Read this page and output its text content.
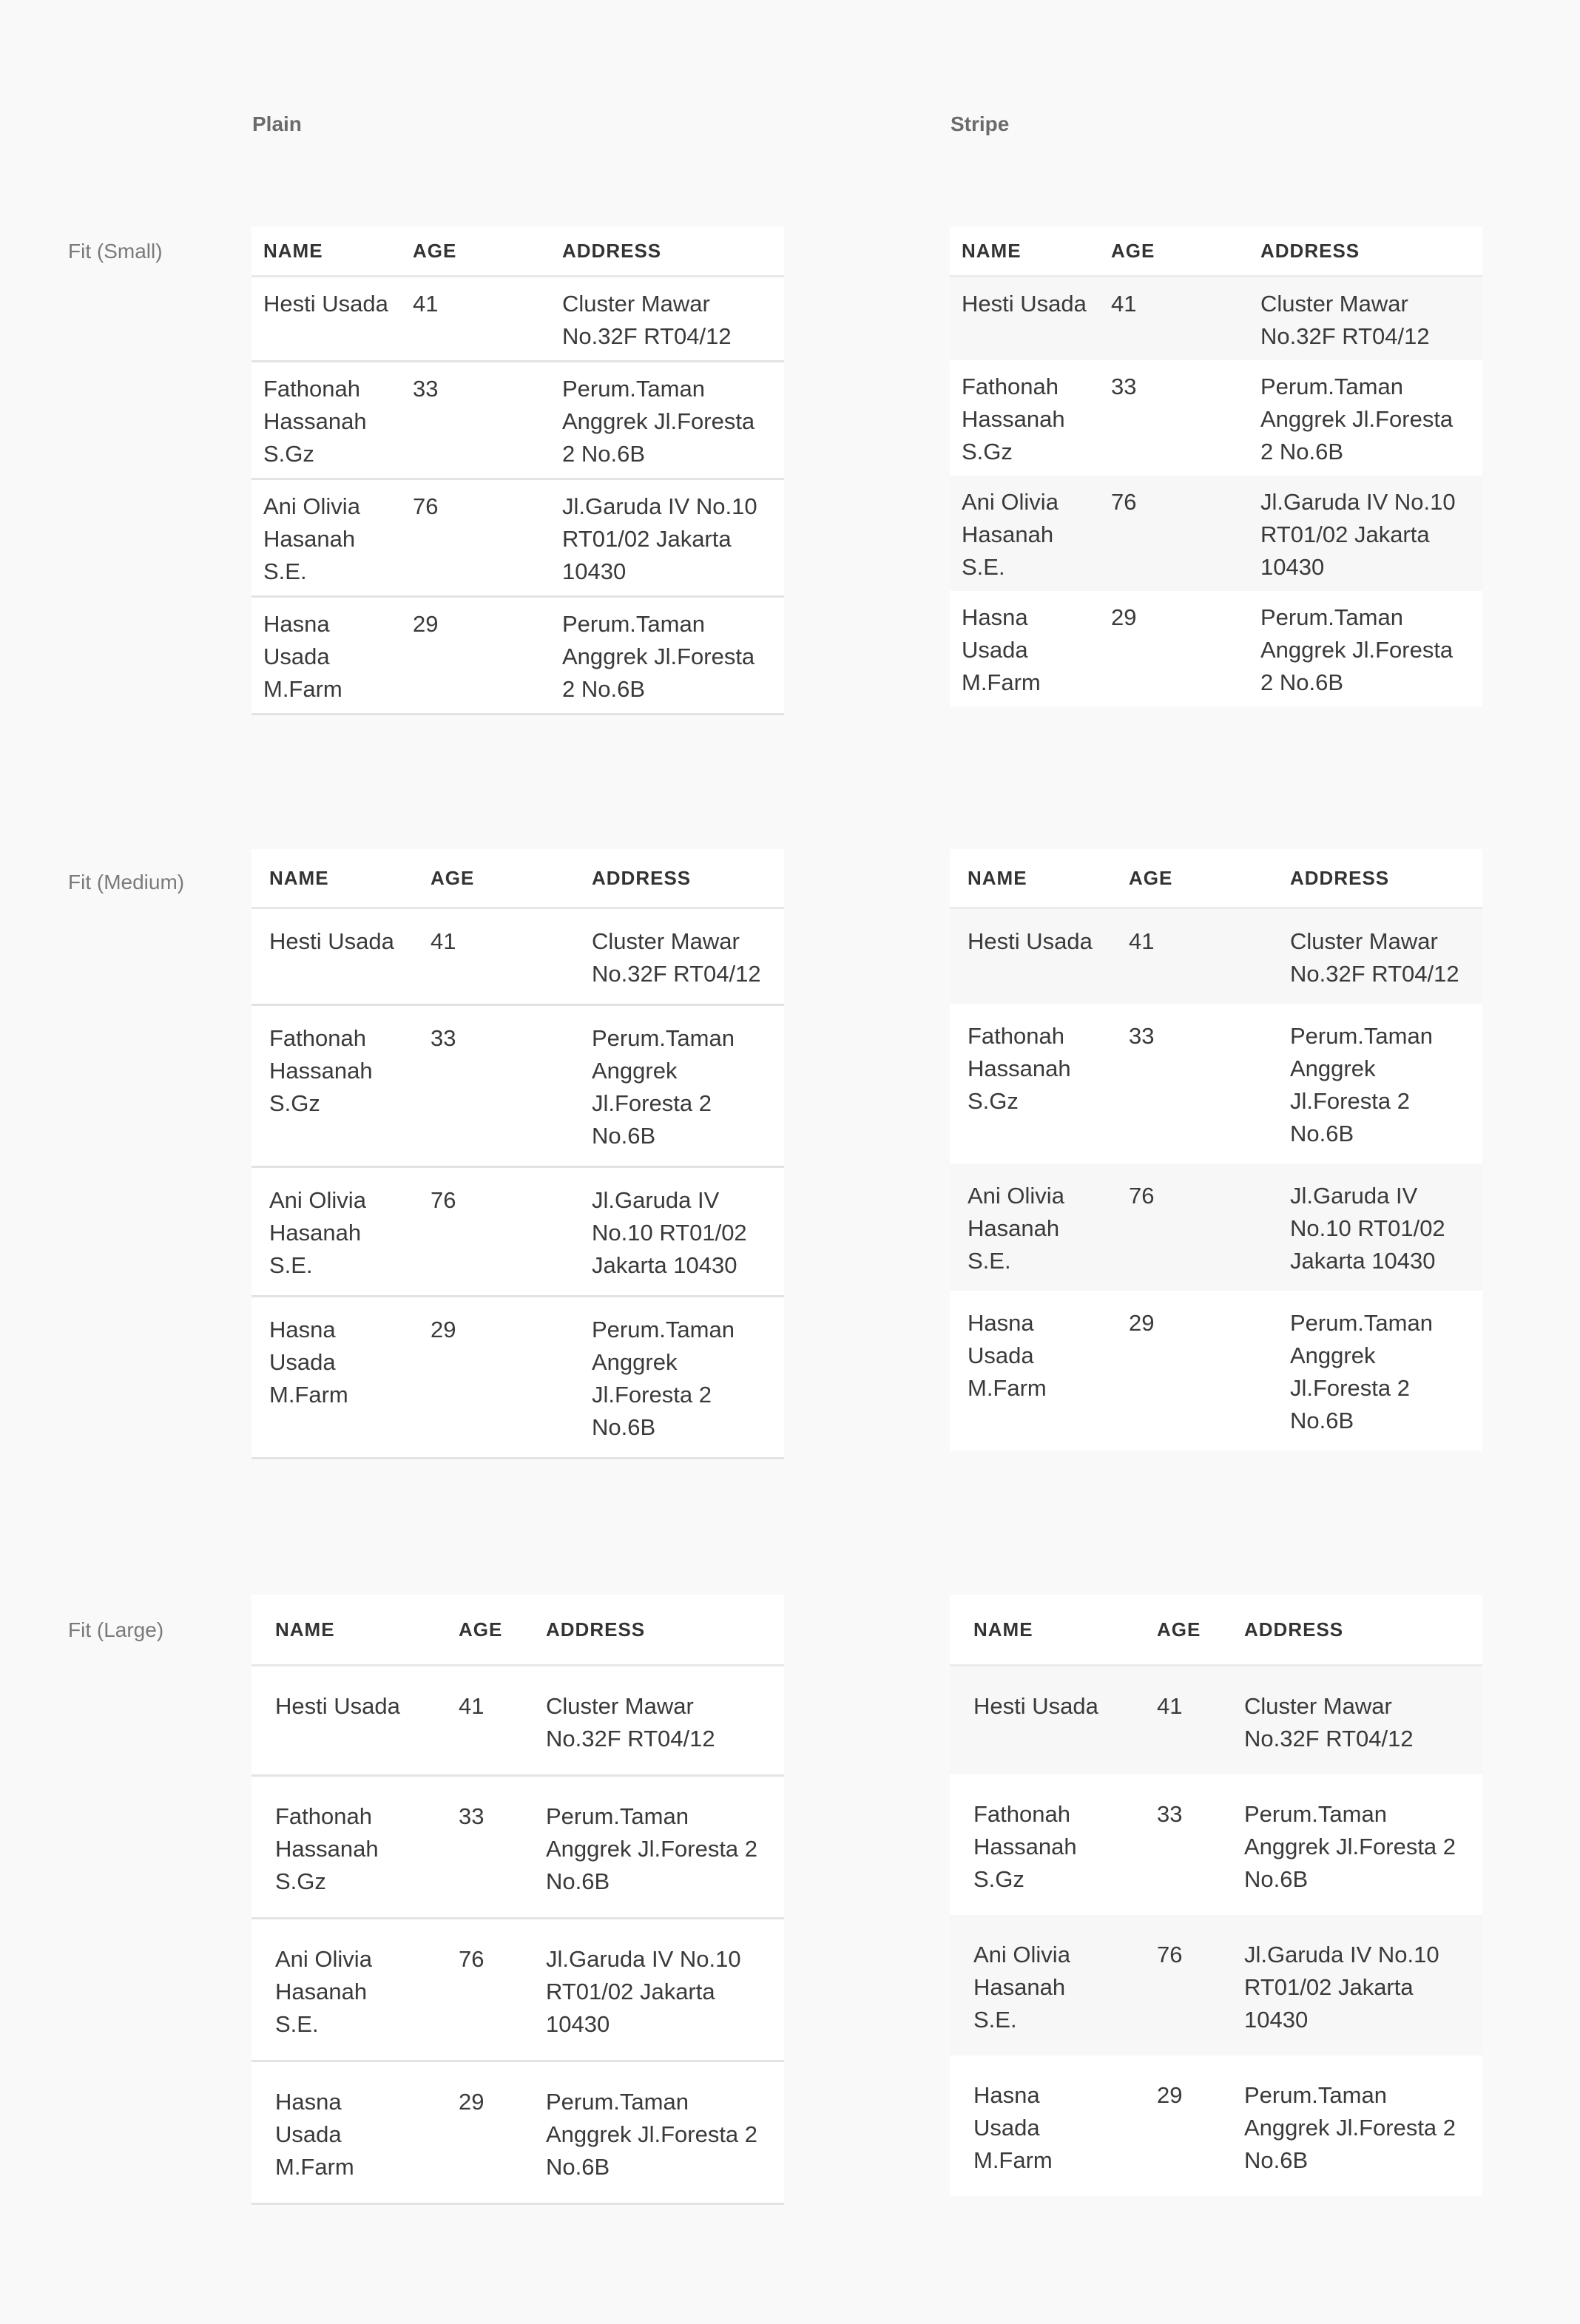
Plain	Stripe
Fit (Small)
Fit (Medium)
Fit (Large)
NAME	AGE	ADDRESS
Hesti Usada	41	Cluster Mawar No.32F RT04/12
Fathonah Hassanah S.Gz	33	Perum.Taman Anggrek Jl.Foresta 2 No.6B
Ani Olivia Hasanah S.E.	76	Jl.Garuda IV No.10 RT01/02 Jakarta 10430
Hasna Usada M.Farm	29	Perum.Taman Anggrek Jl.Foresta 2 No.6B
NAME	AGE	ADDRESS
Hesti Usada	41	Cluster Mawar No.32F RT04/12
Fathonah Hassanah S.Gz	33	Perum.Taman Anggrek Jl.Foresta 2 No.6B
Ani Olivia Hasanah S.E.	76	Jl.Garuda IV No.10 RT01/02 Jakarta 10430
Hasna Usada M.Farm	29	Perum.Taman Anggrek Jl.Foresta 2 No.6B
NAME	AGE	ADDRESS
Hesti Usada	41	Cluster Mawar No.32F RT04/12
Fathonah Hassanah S.Gz	33	Perum.Taman Anggrek Jl.Foresta 2 No.6B
Ani Olivia Hasanah S.E.	76	Jl.Garuda IV No.10 RT01/02 Jakarta 10430
Hasna Usada M.Farm	29	Perum.Taman Anggrek Jl.Foresta 2 No.6B
NAME	AGE	ADDRESS
Hesti Usada	41	Cluster Mawar No.32F RT04/12
Fathonah Hassanah S.Gz	33	Perum.Taman Anggrek Jl.Foresta 2 No.6B
Ani Olivia Hasanah S.E.	76	Jl.Garuda IV No.10 RT01/02 Jakarta 10430
Hasna Usada M.Farm	29	Perum.Taman Anggrek Jl.Foresta 2 No.6B
NAME	AGE	ADDRESS
Hesti Usada	41	Cluster Mawar No.32F RT04/12
Fathonah Hassanah S.Gz	33	Perum.Taman Anggrek Jl.Foresta 2 No.6B
Ani Olivia Hasanah S.E.	76	Jl.Garuda IV No.10 RT01/02 Jakarta 10430
Hasna Usada M.Farm	29	Perum.Taman Anggrek Jl.Foresta 2 No.6B
NAME	AGE	ADDRESS
Hesti Usada	41	Cluster Mawar No.32F RT04/12
Fathonah Hassanah S.Gz	33	Perum.Taman Anggrek Jl.Foresta 2 No.6B
Ani Olivia Hasanah S.E.	76	Jl.Garuda IV No.10 RT01/02 Jakarta 10430
Hasna Usada M.Farm	29	Perum.Taman Anggrek Jl.Foresta 2 No.6B
